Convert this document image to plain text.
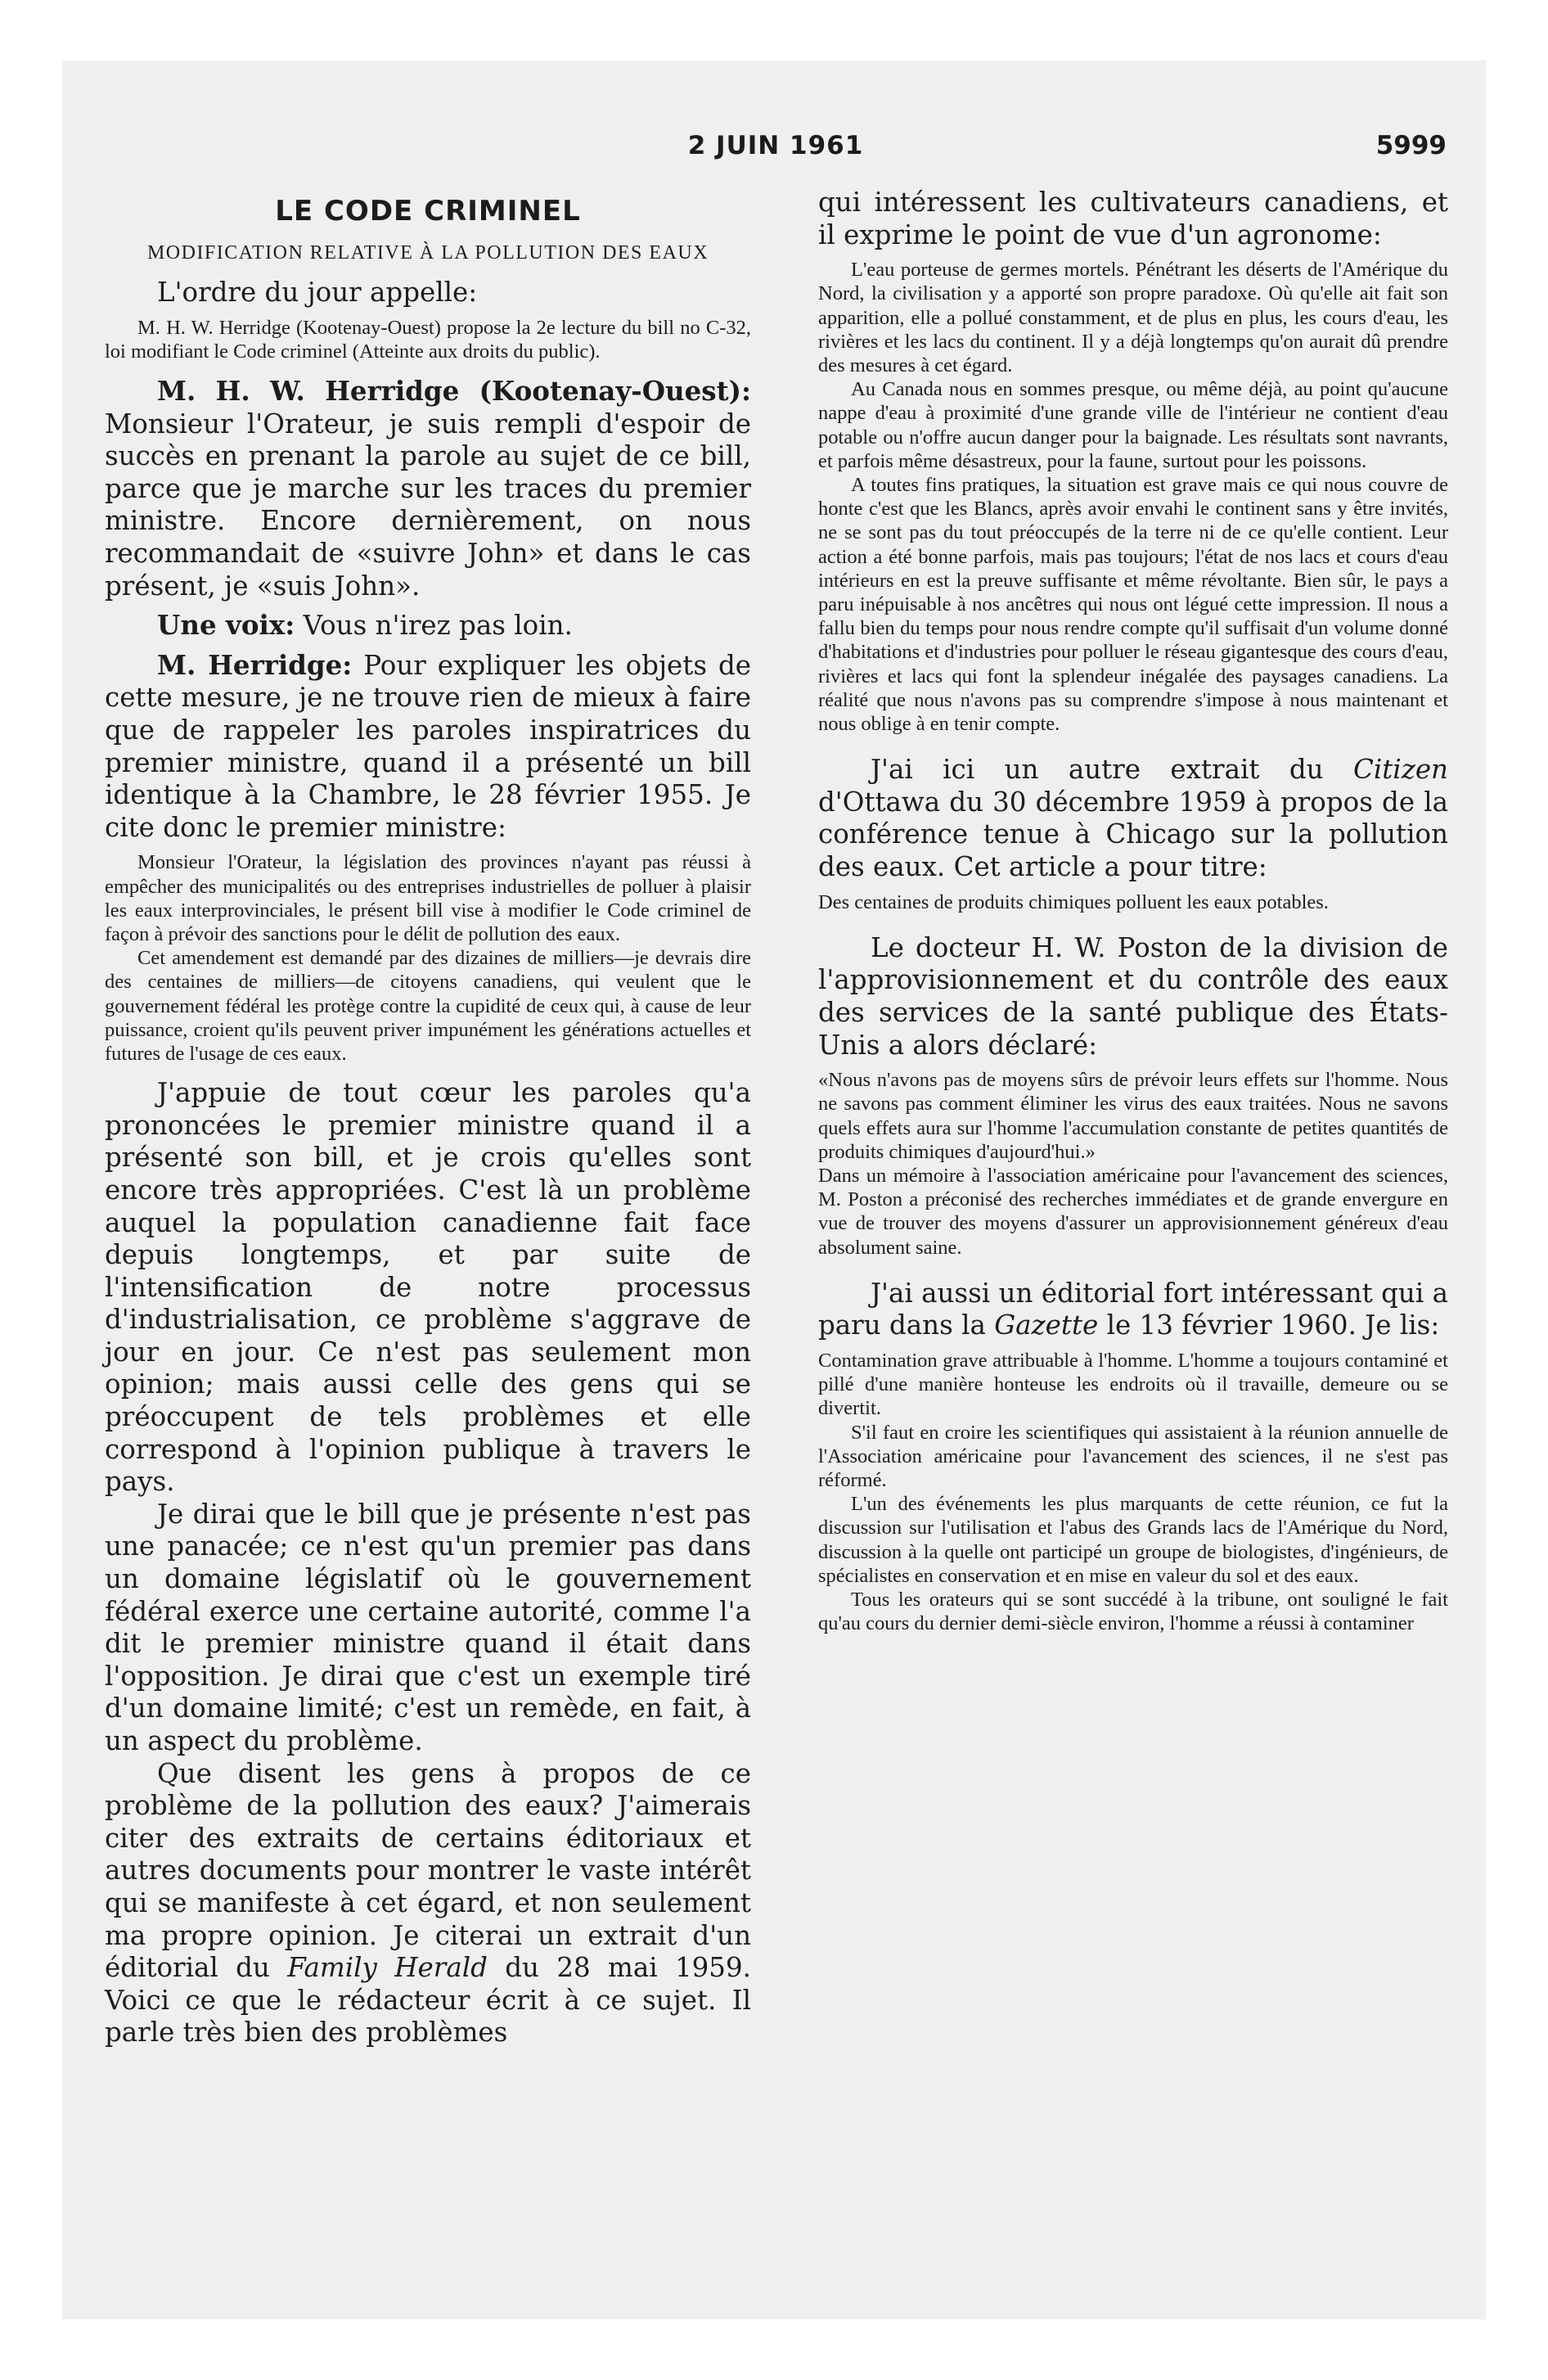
2 JUIN 1961	5999
LE CODE CRIMINEL
MODIFICATION RELATIVE À LA POLLUTION DES EAUX

L'ordre du jour appelle:

M. H. W. Herridge (Kootenay-Ouest) propose la 2e lecture du bill no C-32, loi modifiant le Code criminel (Atteinte aux droits du public).

M. H. W. Herridge (Kootenay-Ouest): Monsieur l'Orateur, je suis rempli d'espoir de succès en prenant la parole au sujet de ce bill, parce que je marche sur les traces du premier ministre. Encore dernièrement, on nous recommandait de «suivre John» et dans le cas présent, je «suis John».

Une voix: Vous n'irez pas loin.

M. Herridge: Pour expliquer les objets de cette mesure, je ne trouve rien de mieux à faire que de rappeler les paroles inspiratrices du premier ministre, quand il a présenté un bill identique à la Chambre, le 28 février 1955. Je cite donc le premier ministre:

Monsieur l'Orateur, la législation des provinces n'ayant pas réussi à empêcher des municipalités ou des entreprises industrielles de polluer à plaisir les eaux interprovinciales, le présent bill vise à modifier le Code criminel de façon à prévoir des sanctions pour le délit de pollution des eaux.

Cet amendement est demandé par des dizaines de milliers—je devrais dire des centaines de milliers—de citoyens canadiens, qui veulent que le gouvernement fédéral les protège contre la cupidité de ceux qui, à cause de leur puissance, croient qu'ils peuvent priver impunément les générations actuelles et futures de l'usage de ces eaux.

J'appuie de tout cœur les paroles qu'a prononcées le premier ministre quand il a présenté son bill, et je crois qu'elles sont encore très appropriées. C'est là un problème auquel la population canadienne fait face depuis longtemps, et par suite de l'intensification de notre processus d'industrialisation, ce problème s'aggrave de jour en jour. Ce n'est pas seulement mon opinion; mais aussi celle des gens qui se préoccupent de tels problèmes et elle correspond à l'opinion publique à travers le pays.

Je dirai que le bill que je présente n'est pas une panacée; ce n'est qu'un premier pas dans un domaine législatif où le gouvernement fédéral exerce une certaine autorité, comme l'a dit le premier ministre quand il était dans l'opposition. Je dirai que c'est un exemple tiré d'un domaine limité; c'est un remède, en fait, à un aspect du problème.

Que disent les gens à propos de ce problème de la pollution des eaux? J'aimerais citer des extraits de certains éditoriaux et autres documents pour montrer le vaste intérêt qui se manifeste à cet égard, et non seulement ma propre opinion. Je citerai un extrait d'un éditorial du Family Herald du 28 mai 1959. Voici ce que le rédacteur écrit à ce sujet. Il parle très bien des problèmes

qui intéressent les cultivateurs canadiens, et il exprime le point de vue d'un agronome:

L'eau porteuse de germes mortels. Pénétrant les déserts de l'Amérique du Nord, la civilisation y a apporté son propre paradoxe. Où qu'elle ait fait son apparition, elle a pollué constamment, et de plus en plus, les cours d'eau, les rivières et les lacs du continent. Il y a déjà longtemps qu'on aurait dû prendre des mesures à cet égard.

Au Canada nous en sommes presque, ou même déjà, au point qu'aucune nappe d'eau à proximité d'une grande ville de l'intérieur ne contient d'eau potable ou n'offre aucun danger pour la baignade. Les résultats sont navrants, et parfois même désastreux, pour la faune, surtout pour les poissons.

A toutes fins pratiques, la situation est grave mais ce qui nous couvre de honte c'est que les Blancs, après avoir envahi le continent sans y être invités, ne se sont pas du tout préoccupés de la terre ni de ce qu'elle contient. Leur action a été bonne parfois, mais pas toujours; l'état de nos lacs et cours d'eau intérieurs en est la preuve suffisante et même révoltante. Bien sûr, le pays a paru inépuisable à nos ancêtres qui nous ont légué cette impression. Il nous a fallu bien du temps pour nous rendre compte qu'il suffisait d'un volume donné d'habitations et d'industries pour polluer le réseau gigantesque des cours d'eau, rivières et lacs qui font la splendeur inégalée des paysages canadiens. La réalité que nous n'avons pas su comprendre s'impose à nous maintenant et nous oblige à en tenir compte.

J'ai ici un autre extrait du Citizen d'Ottawa du 30 décembre 1959 à propos de la conférence tenue à Chicago sur la pollution des eaux. Cet article a pour titre:

Des centaines de produits chimiques polluent les eaux potables.

Le docteur H. W. Poston de la division de l'approvisionnement et du contrôle des eaux des services de la santé publique des États-Unis a alors déclaré:

«Nous n'avons pas de moyens sûrs de prévoir leurs effets sur l'homme. Nous ne savons pas comment éliminer les virus des eaux traitées. Nous ne savons quels effets aura sur l'homme l'accumulation constante de petites quantités de produits chimiques d'aujourd'hui.»

Dans un mémoire à l'association américaine pour l'avancement des sciences, M. Poston a préconisé des recherches immédiates et de grande envergure en vue de trouver des moyens d'assurer un approvisionnement généreux d'eau absolument saine.

J'ai aussi un éditorial fort intéressant qui a paru dans la Gazette le 13 février 1960. Je lis:

Contamination grave attribuable à l'homme. L'homme a toujours contaminé et pillé d'une manière honteuse les endroits où il travaille, demeure ou se divertit.

S'il faut en croire les scientifiques qui assistaient à la réunion annuelle de l'Association américaine pour l'avancement des sciences, il ne s'est pas réformé.

L'un des événements les plus marquants de cette réunion, ce fut la discussion sur l'utilisation et l'abus des Grands lacs de l'Amérique du Nord, discussion à la quelle ont participé un groupe de biologistes, d'ingénieurs, de spécialistes en conservation et en mise en valeur du sol et des eaux.

Tous les orateurs qui se sont succédé à la tribune, ont souligné le fait qu'au cours du dernier demi-siècle environ, l'homme a réussi à contaminer
